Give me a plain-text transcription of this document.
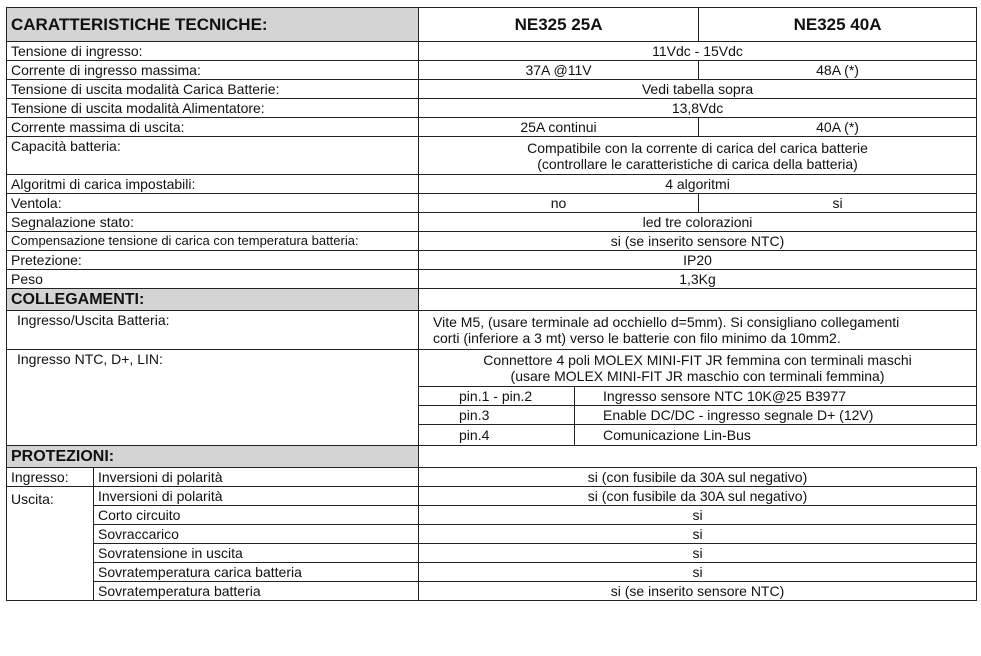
CARATTERISTICHE TECNICHE:		NE325 25A		NE325 40A
Tensione di ingresso:		11Vdc - 15Vdc		
Corrente di ingresso massima:		37A @11V		48A (*)
Tensione di uscita modalità Carica Batterie:		Vedi tabella sopra		
Tensione di uscita modalità Alimentatore:		13,8Vdc		
Corrente massima di uscita:		25A continui		40A (*)
Capacità batteria:		Compatibile con la corrente di carica del carica batterie
(controllare le caratteristiche di carica della batteria)		

Algoritmi di carica impostabili:		4 algoritmi		
Ventola:		no		si
Segnalazione stato:		led tre colorazioni		
Compensazione tensione di carica con temperatura batteria:		si (se inserito sensore NTC)		
Pretezione:		IP20		
Peso		1,3Kg		
COLLEGAMENTI:				
Ingresso/Uscita Batteria:		Vite M5, (usare terminale ad occhiello d=5mm). Si consigliano collegamenti
corti (inferiore a 3 mt) verso le batterie con filo minimo da 10mm2.		

Ingresso NTC, D+, LIN:		Connettore 4 poli MOLEX MINI-FIT JR femmina con terminali maschi
(usare MOLEX MINI-FIT JR maschio con terminali femmina)		

		pin.1 - pin.2	Ingresso sensore NTC 10K@25 B3977	
		pin.3	Enable DC/DC - ingresso segnale D+ (12V)	
		pin.4	Comunicazione Lin-Bus	
PROTEZIONI:				
Ingresso:	Inversioni di polarità	si (con fusibile da 30A sul negativo)		
Uscita:	Inversioni di polarità	si (con fusibile da 30A sul negativo)		
	Corto circuito	si		
	Sovraccarico	si		
	Sovratensione in uscita	si		
	Sovratemperatura carica batteria	si		
	Sovratemperatura batteria	si (se inserito sensore NTC)		
